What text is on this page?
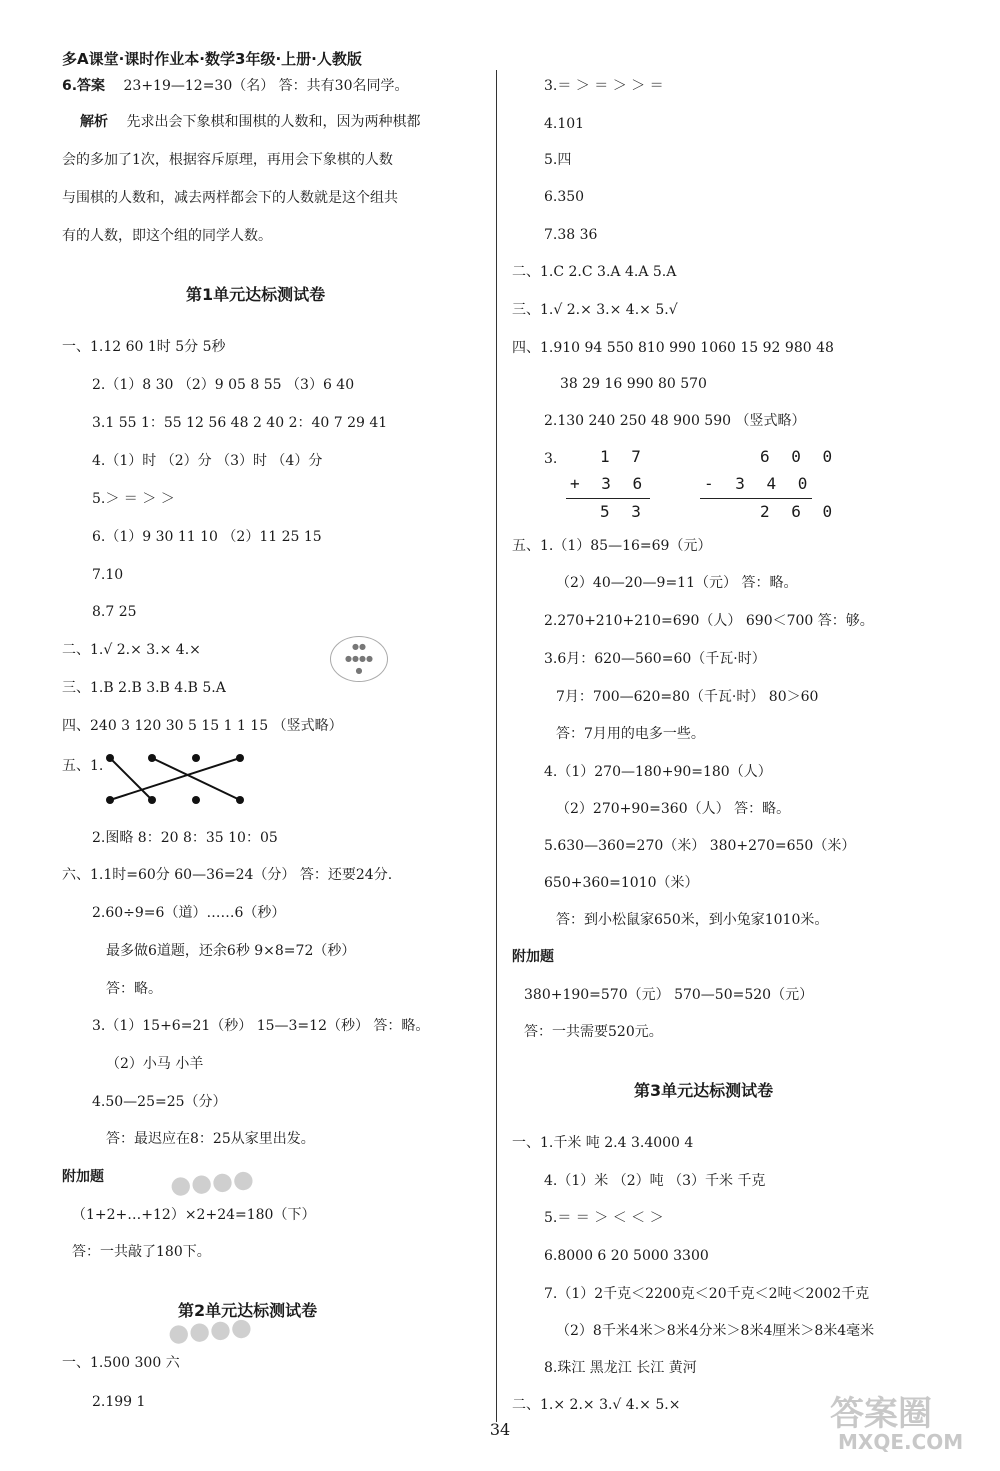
多A课堂·课时作业本·数学3年级·上册·人教版
6.答案 23+19—12=30（名） 答：共有30名同学。
解析 先求出会下象棋和围棋的人数和，因为两种棋都
会的多加了1次，根据容斥原理，再用会下象棋的人数
与围棋的人数和，减去两样都会下的人数就是这个组共
有的人数，即这个组的同学人数。
第1单元达标测试卷
一、1.12 60 1时 5分 5秒
2.（1）8 30 （2）9 05 8 55 （3）6 40
3.1 55 1：55 12 56 48 2 40 2：40 7 29 41
4.（1）时 （2）分 （3）时 （4）分
5.＞ ＝ ＞ ＞
6.（1）9 30 11 10 （2）11 25 15
7.10
8.7 25
二、1.√ 2.× 3.× 4.×
三、1.B 2.B 3.B 4.B 5.A
四、240 3 120 30 5 15 1 1 15 （竖式略）
五、1.
●●
●●●●
●
2.图略 8：20 8：35 10：05
六、1.1时=60分 60—36=24（分） 答：还要24分.
2.60÷9=6（道）……6（秒）
最多做6道题，还余6秒 9×8=72（秒）
答：略。
3.（1）15+6=21（秒） 15—3=12（秒） 答：略。
（2）小马 小羊
4.50—25=25（分）
答：最迟应在8：25从家里出发。
附加题
（1+2+…+12）×2+24=180（下）
答：一共敲了180下。
第2单元达标测试卷
一、1.500 300 六
2.199 1
●●●●
●●●●
3.＝ ＞ ＝ ＞ ＞ ＝
4.101
5.四
6.350
7.38 36
二、1.C 2.C 3.A 4.A 5.A
三、1.√ 2.× 3.× 4.× 5.√
四、1.910 94 550 810 990 1060 15 92 980 48
38 29 16 990 80 570
2.130 240 250 48 900 590 （竖式略）
3.	1 7
+ 3 6
5 3
6 0 0
- 3 4 0
2 6 0
五、1.（1）85—16=69（元）
（2）40—20—9=11（元） 答：略。
2.270+210+210=690（人） 690＜700 答：够。
3.6月：620—560=60（千瓦·时）
7月：700—620=80（千瓦·时） 80＞60
答：7月用的电多一些。
4.（1）270—180+90=180（人）
（2）270+90=360（人） 答：略。
5.630—360=270（米） 380+270=650（米）
650+360=1010（米）
答：到小松鼠家650米，到小兔家1010米。
附加题
380+190=570（元） 570—50=520（元）
答：一共需要520元。
第3单元达标测试卷
一、1.千米 吨 2.4 3.4000 4
4.（1）米 （2）吨 （3）千米 千克
5.＝ ＝ ＞ ＜ ＜ ＞
6.8000 6 20 5000 3300
7.（1）2千克＜2200克＜20千克＜2吨＜2002千克
（2）8千米4米＞8米4分米＞8米4厘米＞8米4毫米
8.珠江 黑龙江 长江 黄河
二、1.× 2.× 3.√ 4.× 5.×
34	答案圈
MXQE.COM
